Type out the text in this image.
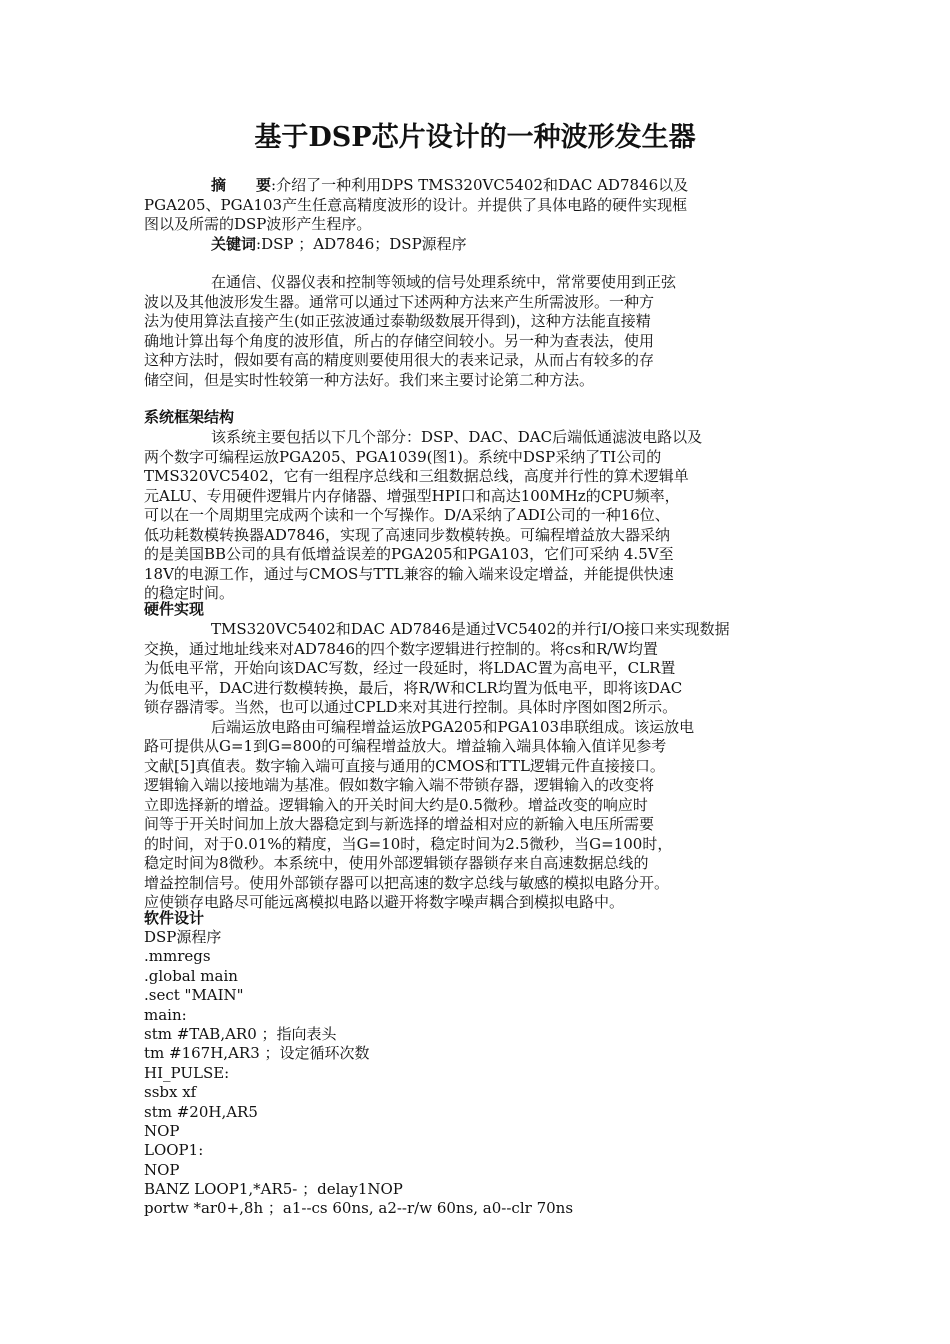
基于DSP芯片设计的一种波形发生器
摘　　要:介绍了一种利用DPS TMS320VC5402和DAC AD7846以及
PGA205、PGA103产生任意高精度波形的设计。并提供了具体电路的硬件实现框
图以及所需的DSP波形产生程序。
关键词:DSP ；AD7846；DSP源程序
在通信、仪器仪表和控制等领域的信号处理系统中，常常要使用到正弦
波以及其他波形发生器。通常可以通过下述两种方法来产生所需波形。一种方
法为使用算法直接产生(如正弦波通过泰勒级数展开得到)，这种方法能直接精
确地计算出每个角度的波形值，所占的存储空间较小。另一种为查表法，使用
这种方法时，假如要有高的精度则要使用很大的表来记录，从而占有较多的存
储空间，但是实时性较第一种方法好。我们来主要讨论第二种方法。
系统框架结构
该系统主要包括以下几个部分：DSP、DAC、DAC后端低通滤波电路以及
两个数字可编程运放PGA205、PGA1039(图1)。系统中DSP采纳了TI公司的
TMS320VC5402，它有一组程序总线和三组数据总线，高度并行性的算术逻辑单
元ALU、专用硬件逻辑片内存储器、增强型HPI口和高达100MHz的CPU频率，
可以在一个周期里完成两个读和一个写操作。D/A采纳了ADI公司的一种16位、
低功耗数模转换器AD7846，实现了高速同步数模转换。可编程增益放大器采纳
的是美国BB公司的具有低增益误差的PGA205和PGA103，它们可采纳 4.5V至
18V的电源工作，通过与CMOS与TTL兼容的输入端来设定增益，并能提供快速
的稳定时间。
硬件实现
TMS320VC5402和DAC AD7846是通过VC5402的并行I/O接口来实现数据
交换，通过地址线来对AD7846的四个数字逻辑进行控制的。将cs和R/W均置
为低电平常，开始向该DAC写数，经过一段延时，将LDAC置为高电平，CLR置
为低电平，DAC进行数模转换，最后，将R/W和CLR均置为低电平，即将该DAC
锁存器清零。当然，也可以通过CPLD来对其进行控制。具体时序图如图2所示。
后端运放电路由可编程增益运放PGA205和PGA103串联组成。该运放电
路可提供从G=1到G=800的可编程增益放大。增益输入端具体输入值详见参考
文献[5]真值表。数字输入端可直接与通用的CMOS和TTL逻辑元件直接接口。
逻辑输入端以接地端为基准。假如数字输入端不带锁存器，逻辑输入的改变将
立即选择新的增益。逻辑输入的开关时间大约是0.5微秒。增益改变的响应时
间等于开关时间加上放大器稳定到与新选择的增益相对应的新输入电压所需要
的时间，对于0.01%的精度，当G=10时，稳定时间为2.5微秒，当G=100时，
稳定时间为8微秒。本系统中，使用外部逻辑锁存器锁存来自高速数据总线的
增益控制信号。使用外部锁存器可以把高速的数字总线与敏感的模拟电路分开。
应使锁存电路尽可能远离模拟电路以避开将数字噪声耦合到模拟电路中。
软件设计
DSP源程序
.mmregs
.global main
.sect "MAIN"
main:
stm #TAB,AR0 ；指向表头
tm #167H,AR3 ；设定循环次数
HI_PULSE:
ssbx xf
stm #20H,AR5
NOP
LOOP1:
NOP
BANZ LOOP1,*AR5- ；delay1NOP
portw *ar0+,8h ；a1--cs 60ns, a2--r/w 60ns, a0--clr 70ns
